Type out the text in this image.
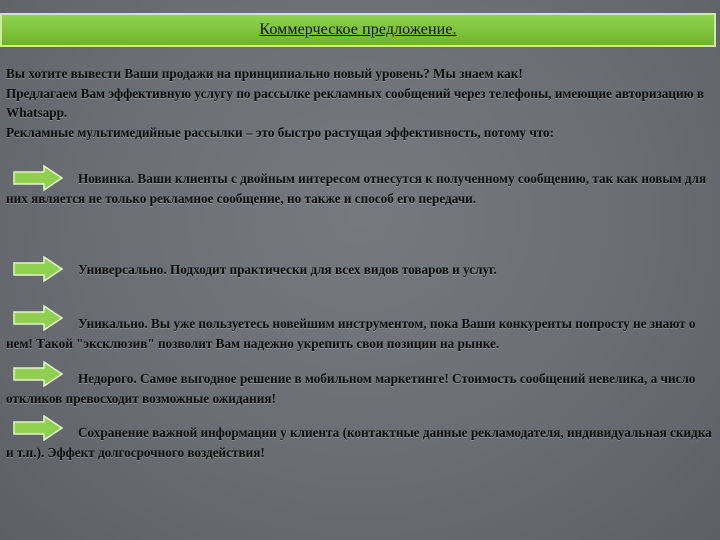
Коммерческое предложение.
Вы хотите вывести Ваши продажи на принципиально новый уровень? Мы знаем как!
Предлагаем Вам эффективную услугу по рассылке рекламных сообщений через телефоны, имеющие авторизацию в Whatsapp.
Рекламные мультимедийные рассылки – это быстро растущая эффективность, потому что:
Новинка. Ваши клиенты с двойным интересом отнесутся к полученному сообщению, так как новым для них является не только рекламное сообщение, но также и способ его передачи.
Универсально. Подходит практически для всех видов товаров и услуг.
Уникально. Вы уже пользуетесь новейшим инструментом, пока Ваши конкуренты попросту не знают о нем! Такой "эксклюзив" позволит Вам надежно укрепить свои позиции на рынке.
Недорого. Самое выгодное решение в мобильном маркетинге! Стоимость сообщений невелика, а число откликов превосходит возможные ожидания!
Сохранение важной информации у клиента (контактные данные рекламодателя, индивидуальная скидка и т.п.). Эффект долгосрочного воздействия!
